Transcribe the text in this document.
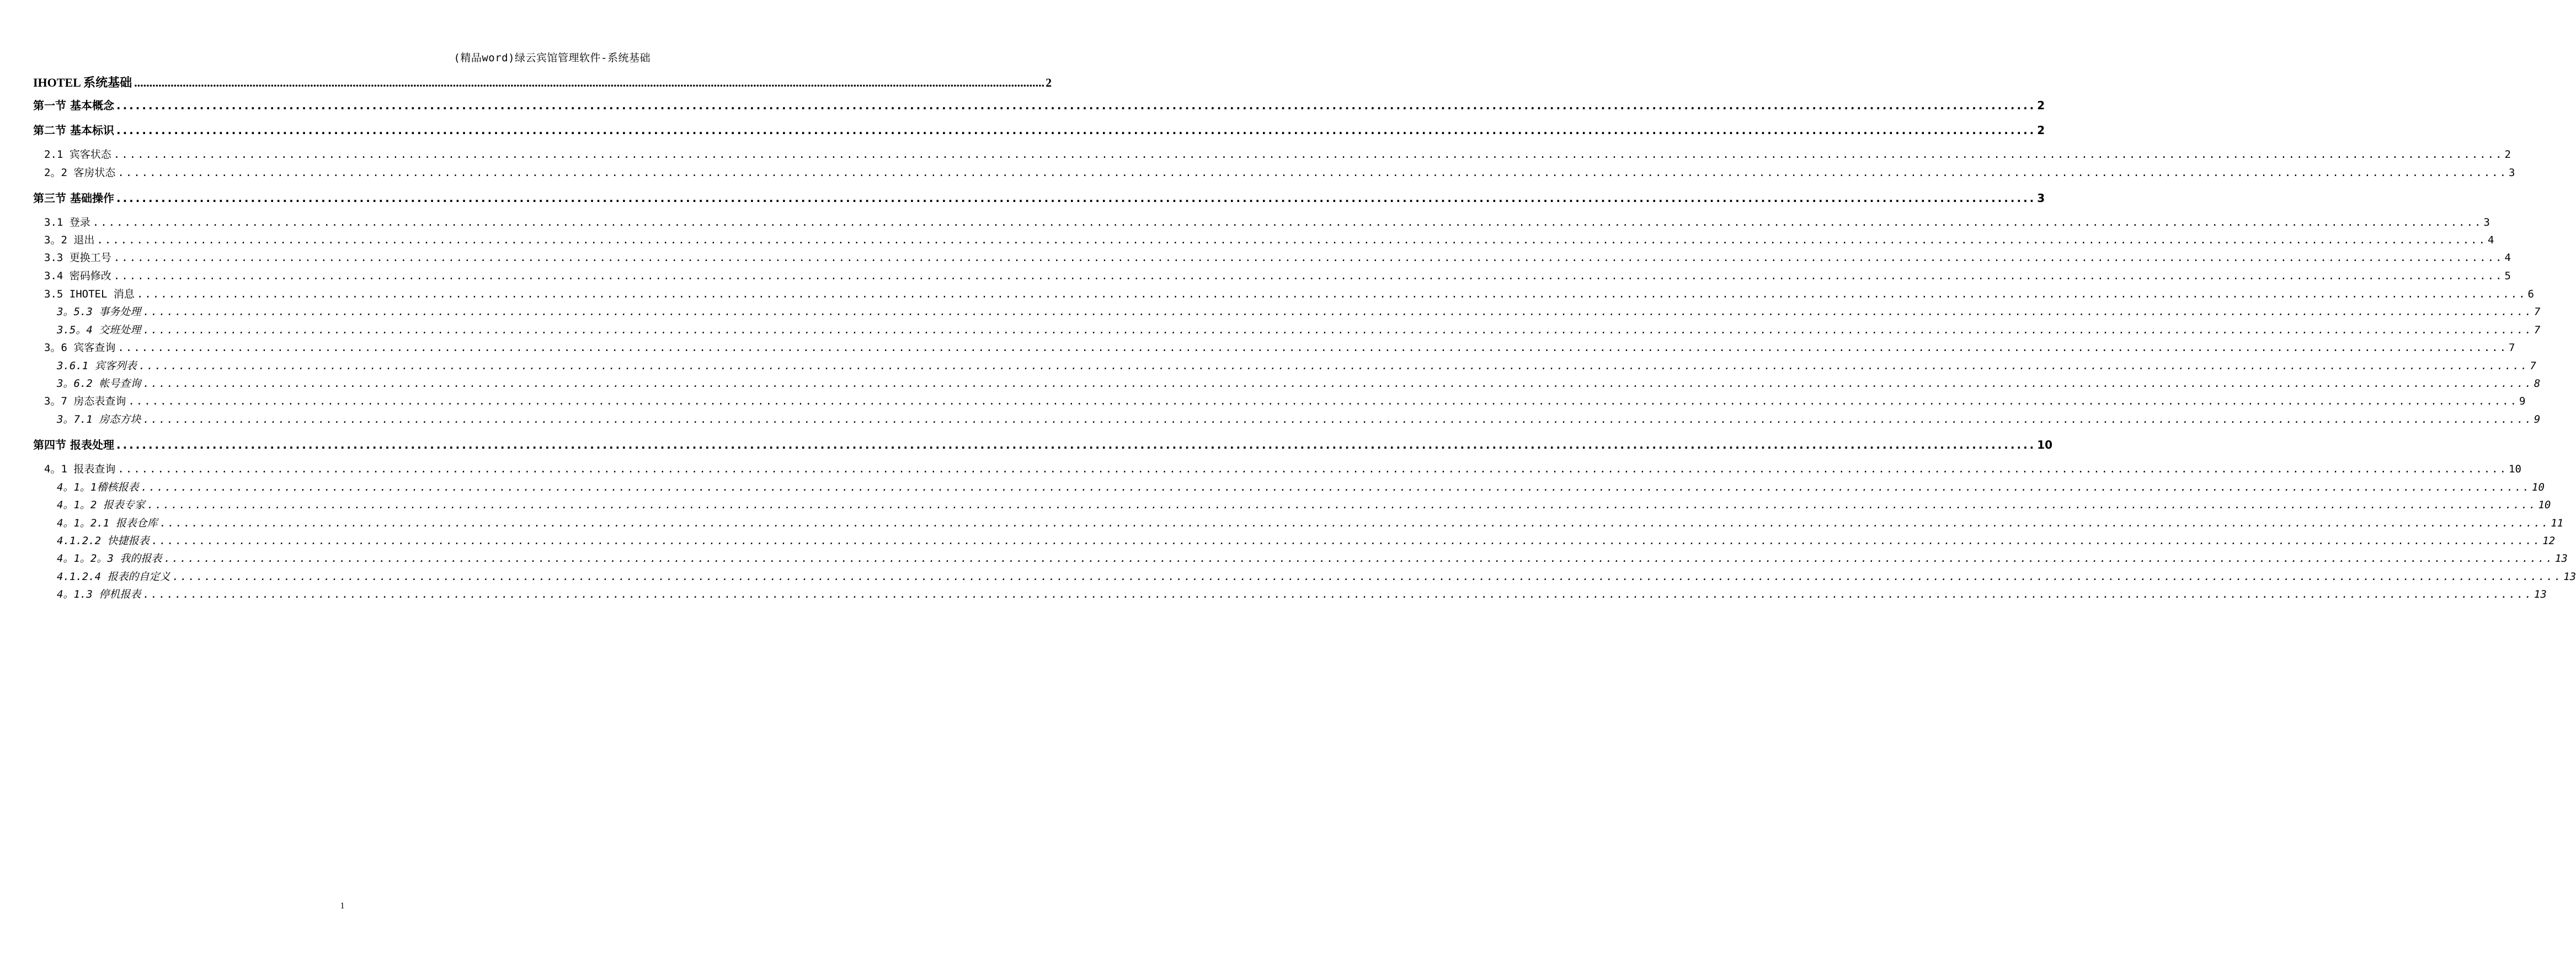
(精品word)绿云宾馆管理软件-系统基础
IHOTEL 系统基础 ............................................................................................................................................................................................................................................................................................................ 2
第一节 基本概念 ............................................................................................................................................................................................................................................................................................................ 2
第二节 基本标识 ............................................................................................................................................................................................................................................................................................................ 2
2.1 宾客状态 ............................................................................................................................................................................................................................................................................................................ 2
2。2 客房状态 ............................................................................................................................................................................................................................................................................................................ 3
第三节 基础操作 ............................................................................................................................................................................................................................................................................................................ 3
3.1 登录 ............................................................................................................................................................................................................................................................................................................ 3
3。2 退出 ............................................................................................................................................................................................................................................................................................................ 4
3.3 更换工号 ............................................................................................................................................................................................................................................................................................................ 4
3.4 密码修改 ............................................................................................................................................................................................................................................................................................................ 5
3.5 IHOTEL 消息 ............................................................................................................................................................................................................................................................................................................ 6
3。5.3 事务处理 ............................................................................................................................................................................................................................................................................................................ 7
3.5。4 交班处理 ............................................................................................................................................................................................................................................................................................................ 7
3。6 宾客查询 ............................................................................................................................................................................................................................................................................................................ 7
3.6.1 宾客列表 ............................................................................................................................................................................................................................................................................................................ 7
3。6.2 帐号查询 ............................................................................................................................................................................................................................................................................................................ 8
3。7 房态表查询 ............................................................................................................................................................................................................................................................................................................ 9
3。7.1 房态方块 ............................................................................................................................................................................................................................................................................................................ 9
第四节 报表处理 ............................................................................................................................................................................................................................................................................................................ 10
4。1 报表查询 ............................................................................................................................................................................................................................................................................................................ 10
4。1。1稽核报表 ............................................................................................................................................................................................................................................................................................................ 10
4。1。2 报表专家 ............................................................................................................................................................................................................................................................................................................ 10
4。1。2.1 报表仓库 ............................................................................................................................................................................................................................................................................................................ 11
4.1.2.2 快捷报表 ............................................................................................................................................................................................................................................................................................................ 12
4。1。2。3 我的报表 ............................................................................................................................................................................................................................................................................................................ 13
4.1.2.4 报表的自定义 ............................................................................................................................................................................................................................................................................................................ 13
4。1.3 停机报表 ............................................................................................................................................................................................................................................................................................................ 13
1
